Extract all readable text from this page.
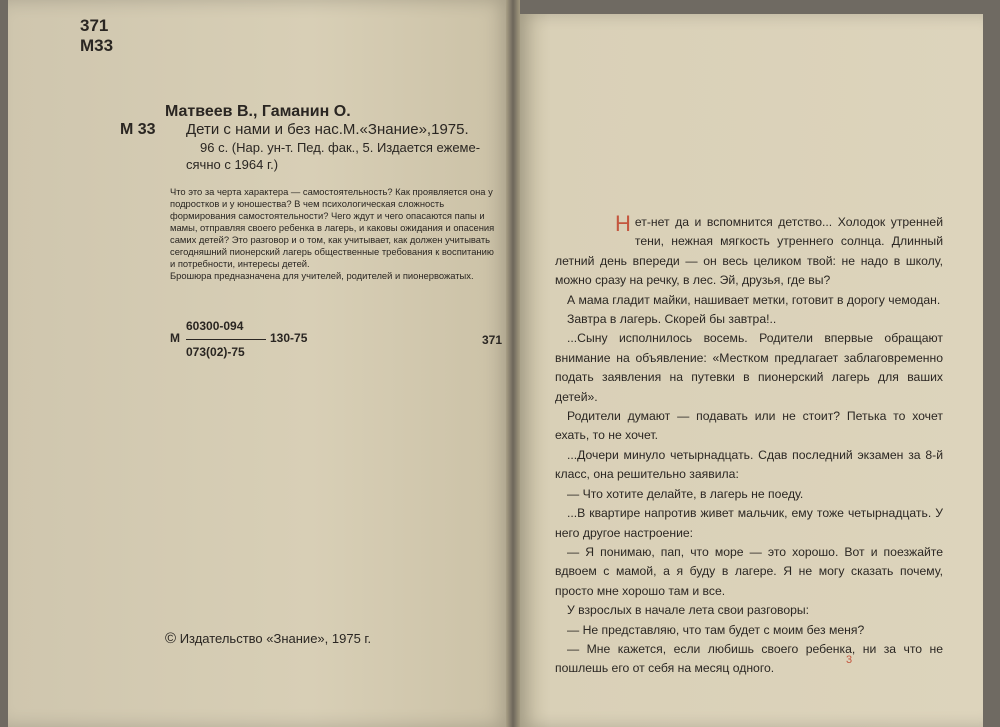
371
М33
Матвеев В., Гаманин О.
М 33 Дети с нами и без нас.М.«Знание»,1975.
96 с. (Нар. ун-т. Пед. фак., 5. Издается ежеме-
сячно с 1964 г.)

Что это за черта характера — самостоятельность? Как проявляется она у подростков и у юношества? В чем психологическая сложность формирования самостоятельности? Чего ждут и чего опасаются папы и мамы, отправляя своего ребенка в лагерь, и каковы ожидания и опасения самих детей? Это разговор и о том, как учитывает, как должен учитывать сегодняшний пионерский лагерь общественные требования к воспитанию и потребности, интересы детей.

Брошюра предназначена для учителей, родителей и пионервожатых.

60300-094
М	130-75
073(02)-75
371
© Издательство «Знание», 1975 г.

Нет-нет да и вспомнится детство... Холодок утренней тени, нежная мягкость утреннего солнца. Длинный летний день впереди — он весь целиком твой: не надо в школу, можно сразу на речку, в лес. Эй, друзья, где вы?

А мама гладит майки, нашивает метки, готовит в дорогу чемодан.

Завтра в лагерь. Скорей бы завтра!..

...Сыну исполнилось восемь. Родители впервые обращают внимание на объявление: «Местком предлагает заблаговременно подать заявления на путевки в пионерский лагерь для ваших детей».

Родители думают — подавать или не стоит? Петька то хочет ехать, то не хочет.

...Дочери минуло четырнадцать. Сдав последний экзамен за 8-й класс, она решительно заявила:

— Что хотите делайте, в лагерь не поеду.

...В квартире напротив живет мальчик, ему тоже четырнадцать. У него другое настроение:

— Я понимаю, пап, что море — это хорошо. Вот и поезжайте вдвоем с мамой, а я буду в лагере. Я не могу сказать почему, просто мне хорошо там и все.

У взрослых в начале лета свои разговоры:

— Не представляю, что там будет с моим без меня?

— Мне кажется, если любишь своего ребенка, ни за что не пошлешь его от себя на месяц одного.

3
